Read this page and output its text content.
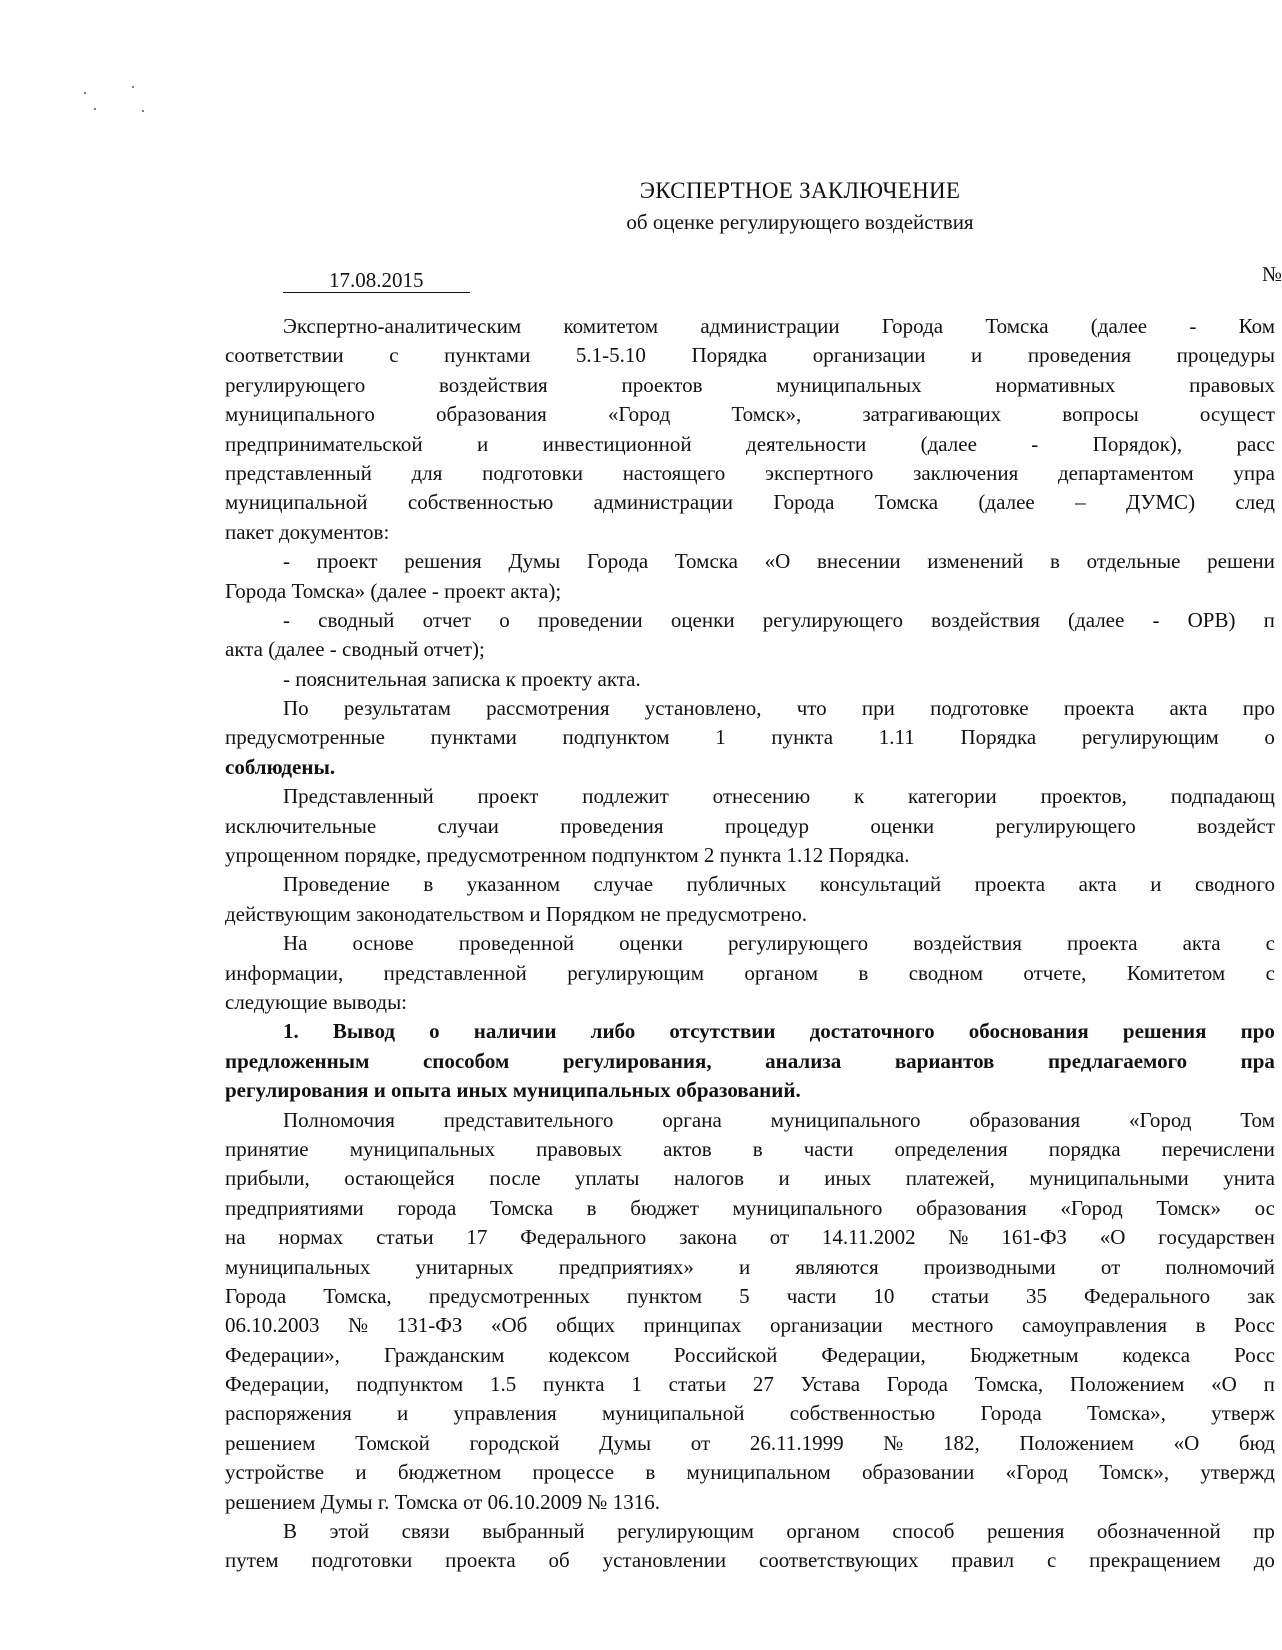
ЭКСПЕРТНОЕ ЗАКЛЮЧЕНИЕ
об оценке регулирующего воздействия
17.08.2015	№
Экспертно-аналитическим комитетом администрации Города Томска (далее - Ком
соответствии с пунктами 5.1-5.10 Порядка организации и проведения процедуры
регулирующего	воздействия	проектов	муниципальных	нормативных	правовых
муниципального	образования	«Город	Томск»,	затрагивающих	вопросы	осущест
предпринимательской	и	инвестиционной	деятельности	(далее	-	Порядок),	расс
представленный для подготовки настоящего экспертного заключения департаментом упра
муниципальной собственностью администрации Города Томска (далее – ДУМС) след
пакет документов:
- проект решения Думы Города Томска «О внесении изменений в отдельные решени
Города Томска» (далее - проект акта);
- сводный отчет о проведении оценки регулирующего воздействия (далее - ОРВ) п
акта (далее - сводный отчет);
- пояснительная записка к проекту акта.
По результатам рассмотрения установлено, что при подготовке проекта акта про
предусмотренные пунктами подпунктом 1 пункта 1.11 Порядка регулирующим о
соблюдены.
Представленный проект подлежит отнесению к категории проектов, подпадающ
исключительные	случаи	проведения	процедур	оценки	регулирующего	воздейст
упрощенном порядке, предусмотренном подпунктом 2 пункта 1.12 Порядка.
Проведение в указанном случае публичных консультаций проекта акта и сводного
действующим законодательством и Порядком не предусмотрено.
На основе проведенной оценки регулирующего воздействия проекта акта с
информации, представленной регулирующим органом в сводном отчете, Комитетом с
следующие выводы:
1. Вывод о наличии либо отсутствии достаточного обоснования решения про
предложенным	способом	регулирования,	анализа	вариантов	предлагаемого	пра
регулирования и опыта иных муниципальных образований.
Полномочия представительного органа муниципального образования «Город Том
принятие муниципальных правовых актов в части определения порядка перечислени
прибыли, остающейся после уплаты налогов и иных платежей, муниципальными унита
предприятиями города Томска в бюджет муниципального образования «Город Томск» ос
на нормах статьи 17 Федерального закона от 14.11.2002 № 161-ФЗ «О государствен
муниципальных унитарных предприятиях» и являются производными от полномочий
Города Томска, предусмотренных пунктом 5 части 10 статьи 35 Федерального зак
06.10.2003 № 131-ФЗ «Об общих принципах организации местного самоуправления в Росс
Федерации», Гражданским кодексом Российской Федерации, Бюджетным кодекса Росс
Федерации, подпунктом 1.5 пункта 1 статьи 27 Устава Города Томска, Положением «О п
распоряжения и управления муниципальной собственностью Города Томска», утверж
решением Томской городской Думы от 26.11.1999 № 182, Положением «О бюд
устройстве и бюджетном процессе в муниципальном образовании «Город Томск», утвержд
решением Думы г. Томска от 06.10.2009 № 1316.
В этой связи выбранный регулирующим органом способ решения обозначенной пр
путем подготовки проекта об установлении соответствующих правил с прекращением до
